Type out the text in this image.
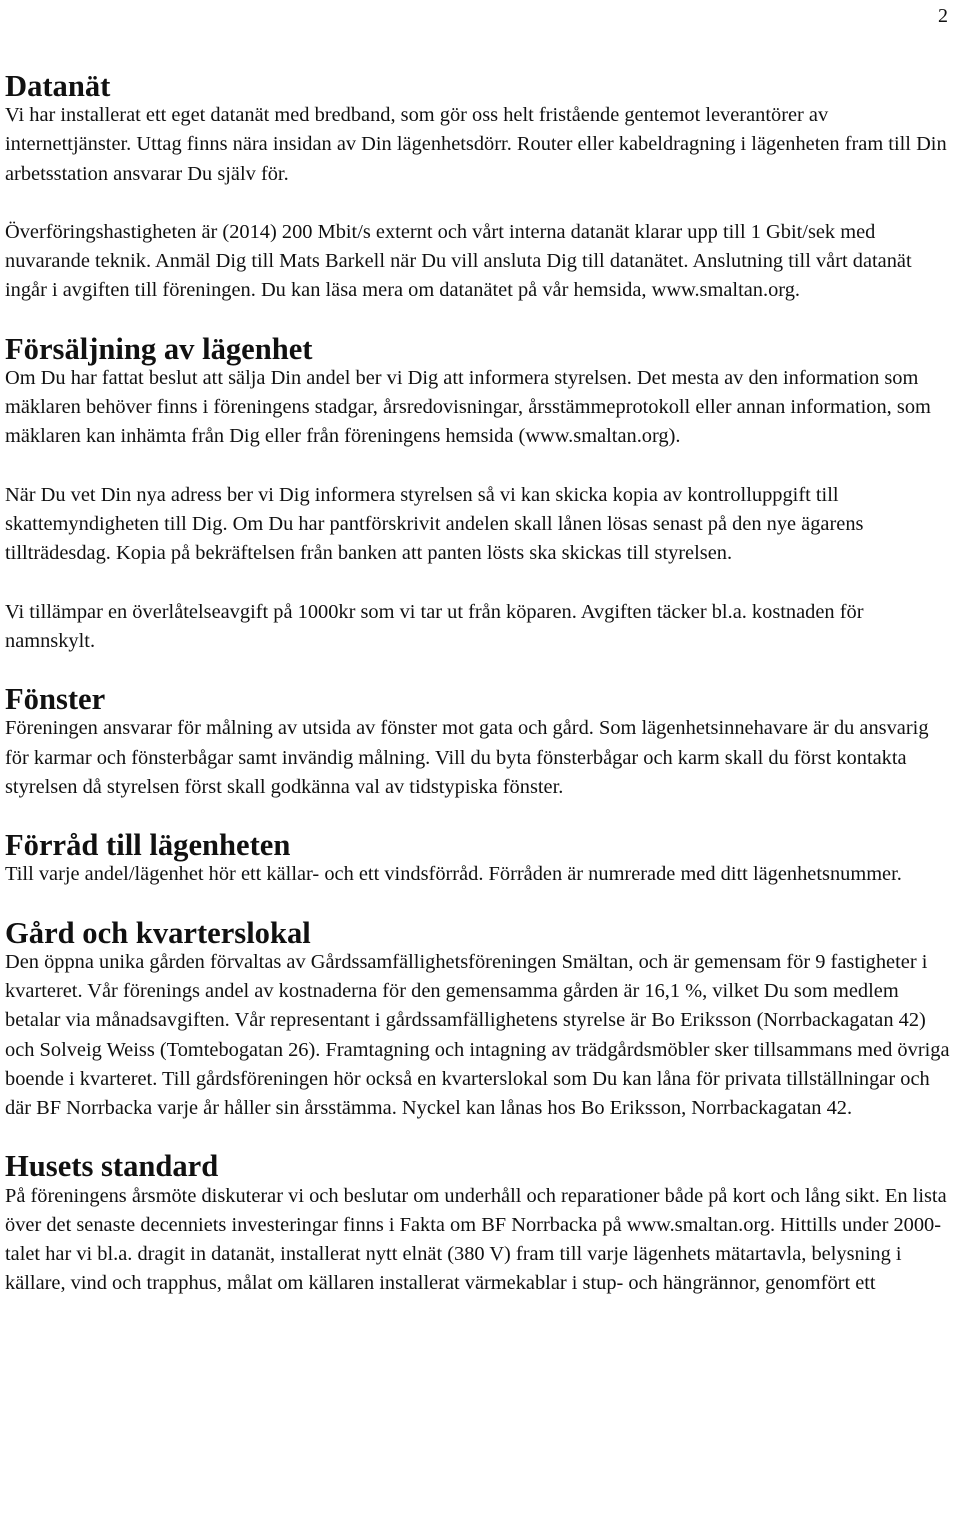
2
Datanät

Vi har installerat ett eget datanät med bredband, som gör oss helt fristående gentemot leverantörer av internettjänster. Uttag finns nära insidan av Din lägenhetsdörr. Router eller kabeldragning i lägenheten fram till Din arbetsstation ansvarar Du själv för.

Överföringshastigheten är (2014) 200 Mbit/s externt och vårt interna datanät klarar upp till 1 Gbit/sek med nuvarande teknik. Anmäl Dig till Mats Barkell när Du vill ansluta Dig till datanätet. Anslutning till vårt datanät ingår i avgiften till föreningen. Du kan läsa mera om datanätet på vår hemsida, www.smaltan.org.

Försäljning av lägenhet

Om Du har fattat beslut att sälja Din andel ber vi Dig att informera styrelsen. Det mesta av den information som mäklaren behöver finns i föreningens stadgar, årsredovisningar, årsstämmeprotokoll eller annan information, som mäklaren kan inhämta från Dig eller från föreningens hemsida (www.smaltan.org).

När Du vet Din nya adress ber vi Dig informera styrelsen så vi kan skicka kopia av kontrolluppgift till skattemyndigheten till Dig. Om Du har pantförskrivit andelen skall lånen lösas senast på den nye ägarens tillträdesdag. Kopia på bekräftelsen från banken att panten lösts ska skickas till styrelsen.

Vi tillämpar en överlåtelseavgift på 1000kr som vi tar ut från köparen. Avgiften täcker bl.a. kostnaden för namnskylt.

Fönster

Föreningen ansvarar för målning av utsida av fönster mot gata och gård. Som lägenhetsinnehavare är du ansvarig för karmar och fönsterbågar samt invändig målning. Vill du byta fönsterbågar och karm skall du först kontakta styrelsen då styrelsen först skall godkänna val av tidstypiska fönster.

Förråd till lägenheten

Till varje andel/lägenhet hör ett källar- och ett vindsförråd. Förråden är numrerade med ditt lägenhetsnummer.

Gård och kvarterslokal

Den öppna unika gården förvaltas av Gårdssamfällighetsföreningen Smältan, och är gemensam för 9 fastigheter i kvarteret. Vår förenings andel av kostnaderna för den gemensamma gården är 16,1 %, vilket Du som medlem betalar via månadsavgiften. Vår representant i gårdssamfällighetens styrelse är Bo Eriksson (Norrbackagatan 42) och Solveig Weiss (Tomtebogatan 26). Framtagning och intagning av trädgårdsmöbler sker tillsammans med övriga boende i kvarteret. Till gårdsföreningen hör också en kvarterslokal som Du kan låna för privata tillställningar och där BF Norrbacka varje år håller sin årsstämma. Nyckel kan lånas hos Bo Eriksson, Norrbackagatan 42.

Husets standard

På föreningens årsmöte diskuterar vi och beslutar om underhåll och reparationer både på kort och lång sikt. En lista över det senaste decenniets investeringar finns i Fakta om BF Norrbacka på www.smaltan.org. Hittills under 2000-talet har vi bl.a. dragit in datanät, installerat nytt elnät (380 V) fram till varje lägenhets mätartavla, belysning i källare, vind och trapphus, målat om källaren installerat värmekablar i stup- och hängrännor, genomfört ett
